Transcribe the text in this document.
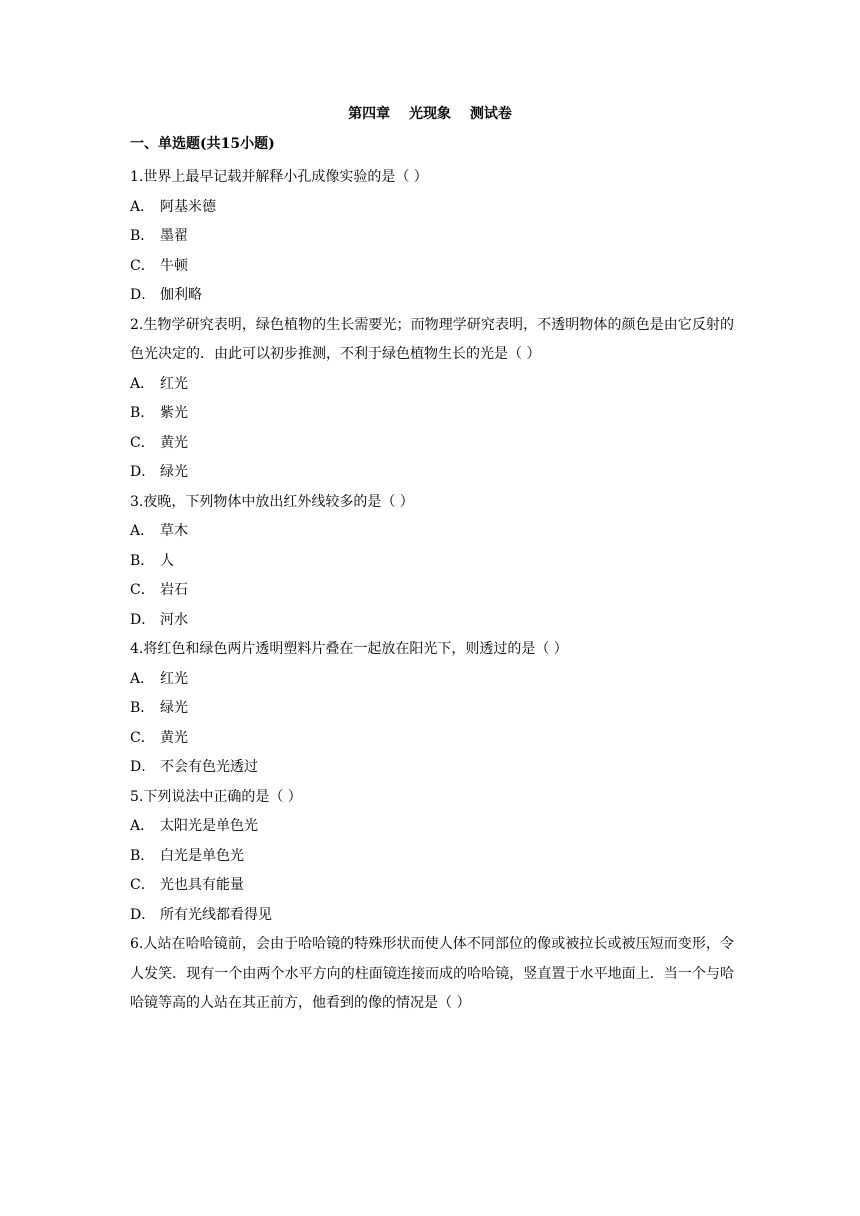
第四章　 光现象　 测试卷
一、单选题(共15小题)
1.世界上最早记载并解释小孔成像实验的是（ ）
A． 阿基米德
B． 墨翟
C． 牛顿
D． 伽利略
2.生物学研究表明，绿色植物的生长需要光；而物理学研究表明，不透明物体的颜色是由它反射的色光决定的．由此可以初步推测，不利于绿色植物生长的光是（ ）
A． 红光
B． 紫光
C． 黄光
D． 绿光
3.夜晚，下列物体中放出红外线较多的是（ ）
A． 草木
B． 人
C． 岩石
D． 河水
4.将红色和绿色两片透明塑料片叠在一起放在阳光下，则透过的是（ ）
A． 红光
B． 绿光
C． 黄光
D． 不会有色光透过
5.下列说法中正确的是（ ）
A． 太阳光是单色光
B． 白光是单色光
C． 光也具有能量
D． 所有光线都看得见
6.人站在哈哈镜前，会由于哈哈镜的特殊形状而使人体不同部位的像或被拉长或被压短而变形，令人发笑．现有一个由两个水平方向的柱面镜连接而成的哈哈镜，竖直置于水平地面上．当一个与哈哈镜等高的人站在其正前方，他看到的像的情况是（ ）
